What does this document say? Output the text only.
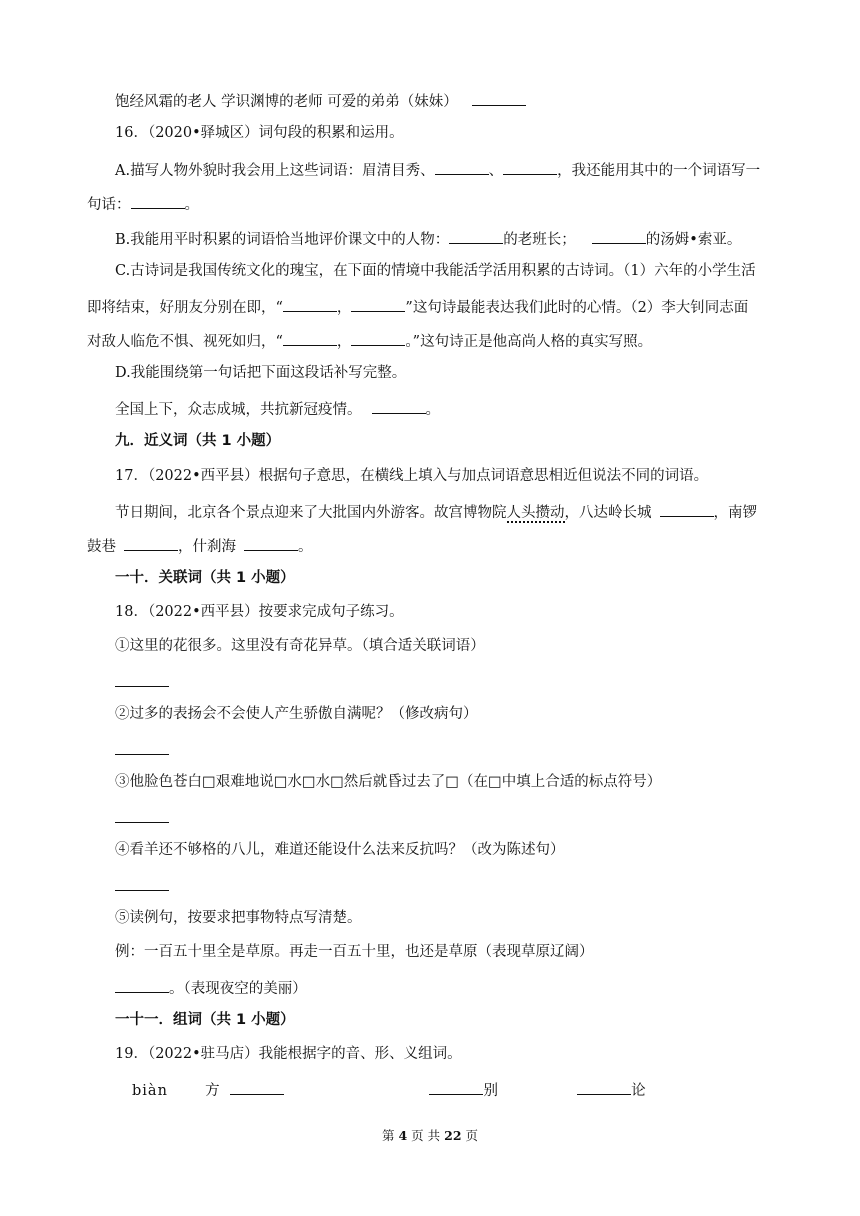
饱经风霜的老人 学识渊博的老师 可爱的弟弟（妹妹）
16．（2020•驿城区）词句段的积累和运用。
A.描写人物外貌时我会用上这些词语：眉清目秀、	、	，我还能用其中的一个词语写一
句话：	。
B.我能用平时积累的词语恰当地评价课文中的人物：	的老班长；	的汤姆•索亚。
C.古诗词是我国传统文化的瑰宝，在下面的情境中我能活学活用积累的古诗词。（1）六年的小学生活
即将结束，好朋友分别在即，“	，	”这句诗最能表达我们此时的心情。（2）李大钊同志面
对敌人临危不惧、视死如归，“	，	。”这句诗正是他高尚人格的真实写照。
D.我能围绕第一句话把下面这段话补写完整。
全国上下，众志成城，共抗新冠疫情。	。
九．近义词（共 1 小题）
17．（2022•西平县）根据句子意思，在横线上填入与加点词语意思相近但说法不同的词语。
节日期间，北京各个景点迎来了大批国内外游客。故宫博物院人头攒动，八达岭长城	，南锣
鼓巷	，什刹海	。
一十．关联词（共 1 小题）
18．（2022•西平县）按要求完成句子练习。
①这里的花很多。这里没有奇花异草。（填合适关联词语）
②过多的表扬会不会使人产生骄傲自满呢？（修改病句）
③他脸色苍白□艰难地说□水□水□然后就昏过去了□（在□中填上合适的标点符号）
④看羊还不够格的八儿，难道还能设什么法来反抗吗？（改为陈述句）
⑤读例句，按要求把事物特点写清楚。
例：一百五十里全是草原。再走一百五十里，也还是草原（表现草原辽阔）
。（表现夜空的美丽）
一十一．组词（共 1 小题）
19．（2022•驻马店）我能根据字的音、形、义组词。
biàn	方	别	论
第 4 页 共 22 页
